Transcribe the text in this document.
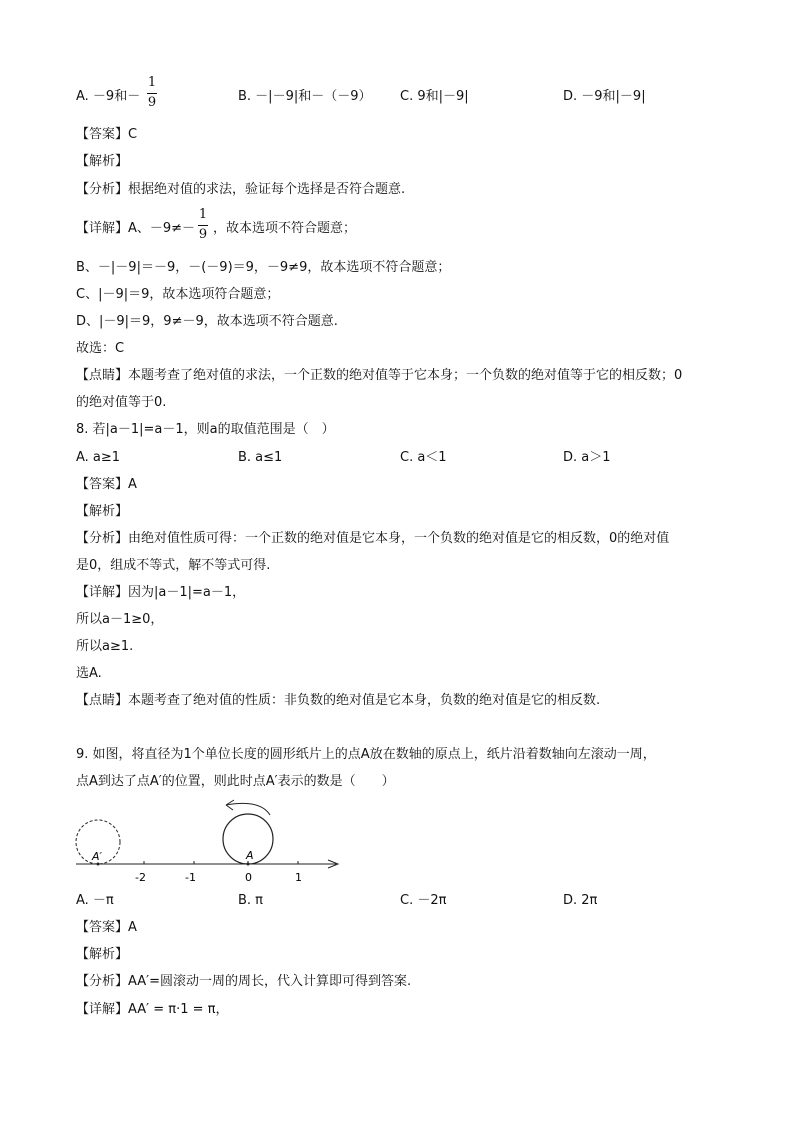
A. －9和－
1
9	B. －|－9|和－（－9） C. 9和|－9|	D. －9和|－9|
【答案】C
【解析】
【分析】根据绝对值的求法，验证每个选择是否符合题意.
【详解】A、－9≠－
1
9 ，故本选项不符合题意；
B、－|－9|＝－9，－(－9)＝9，－9≠9，故本选项不符合题意；
C、|－9|＝9，故本选项符合题意；
D、|－9|＝9，9≠－9，故本选项不符合题意.
故选：C
【点睛】本题考查了绝对值的求法，一个正数的绝对值等于它本身；一个负数的绝对值等于它的相反数；0
的绝对值等于0.
8. 若|a－1|=a－1，则a的取值范围是（　）
A. a≥1	B. a≤1	C. a＜1	D. a＞1
【答案】A
【解析】
【分析】由绝对值性质可得：一个正数的绝对值是它本身，一个负数的绝对值是它的相反数，0的绝对值
是0，组成不等式，解不等式可得.
【详解】因为|a－1|=a－1，
所以a－1≥0，
所以a≥1.
选A.
【点睛】本题考查了绝对值的性质：非负数的绝对值是它本身，负数的绝对值是它的相反数.
9. 如图，将直径为1个单位长度的圆形纸片上的点A放在数轴的原点上，纸片沿着数轴向左滚动一周，
点A到达了点A′的位置，则此时点A′表示的数是（　　）
A′	A
-2	-1	0	1
A. －π	B. π	C. －2π	D. 2π
【答案】A
【解析】
【分析】AA′=圆滚动一周的周长，代入计算即可得到答案.
【详解】AA′ = π·1 = π，
